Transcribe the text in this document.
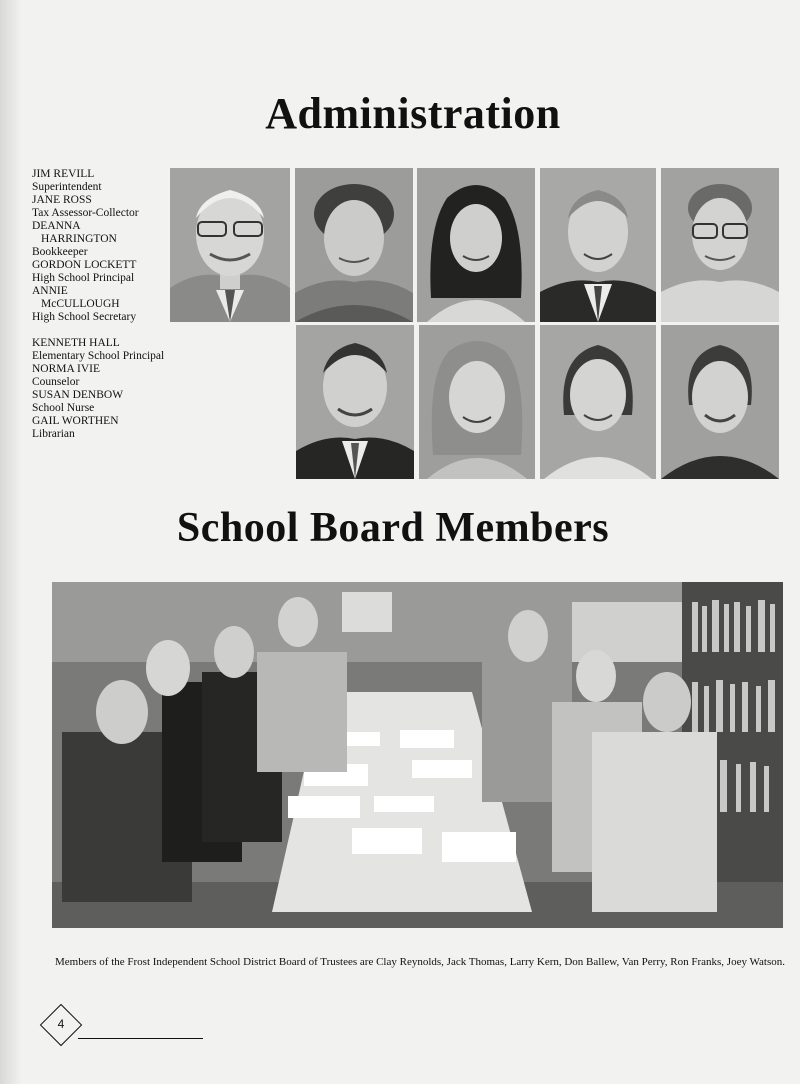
Administration
JIM REVILL
Superintendent
JANE ROSS
Tax Assessor-Collector
DEANNA
HARRINGTON
Bookkeeper
GORDON LOCKETT
High School Principal
ANNIE
McCULLOUGH
High School Secretary
KENNETH HALL
Elementary School Principal
NORMA IVIE
Counselor
SUSAN DENBOW
School Nurse
GAIL WORTHEN
Librarian
School Board Members

Members of the Frost Independent School District Board of Trustees are Clay Reynolds, Jack Thomas, Larry Kern, Don Ballew, Van Perry, Ron Franks, Joey Watson.

4
